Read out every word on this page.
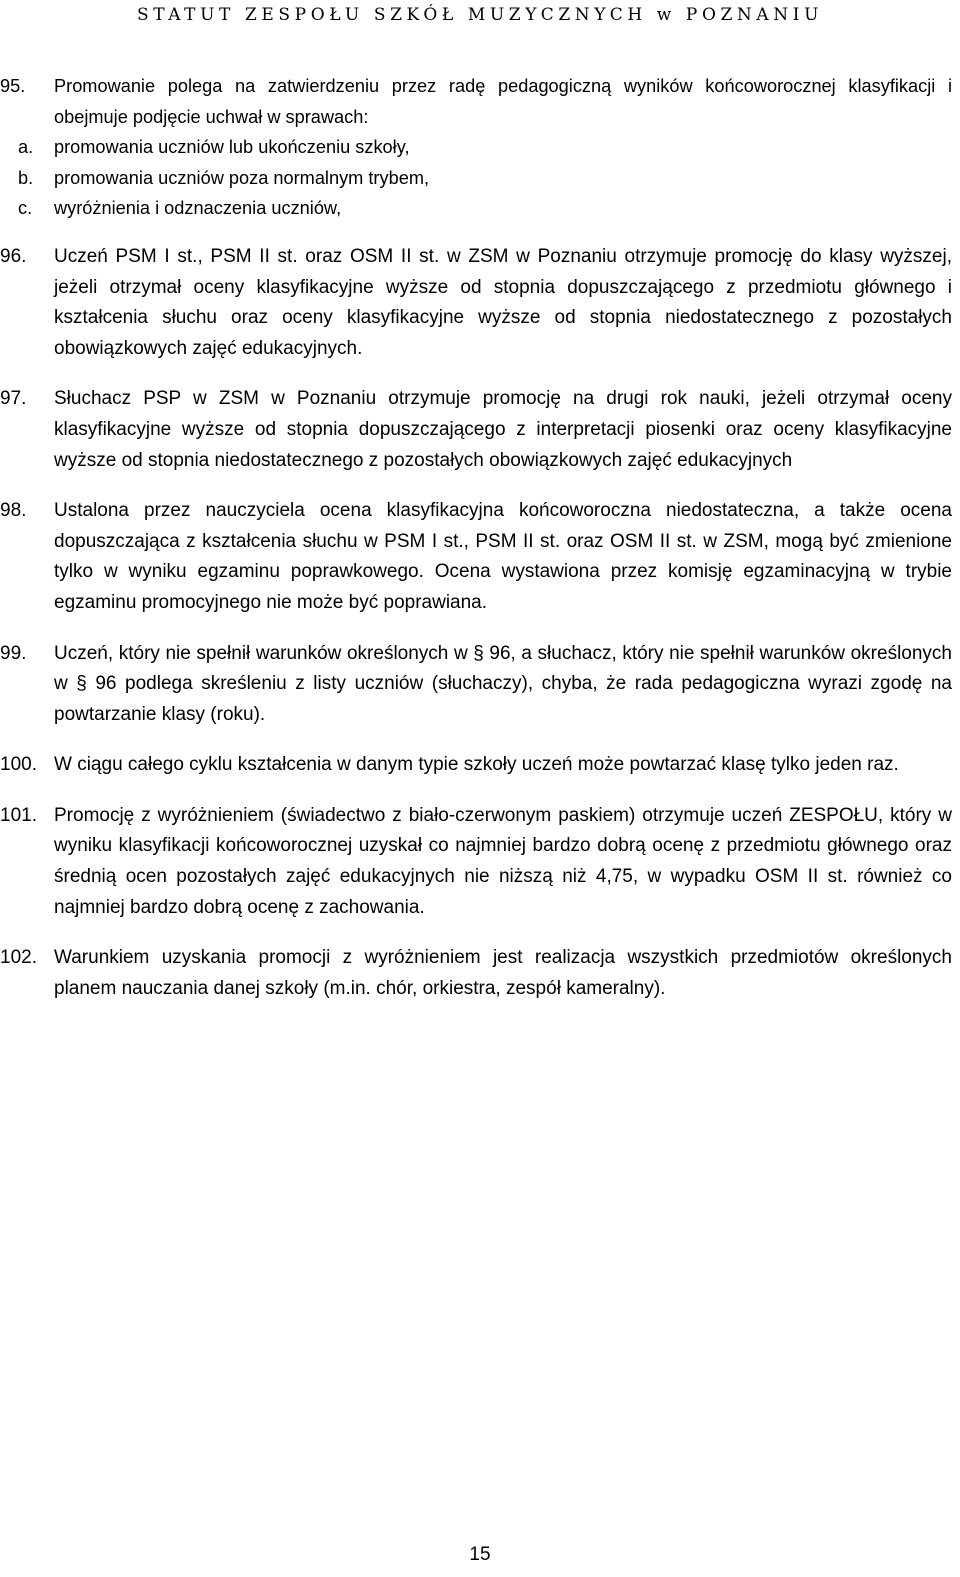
STATUT ZESPOŁU SZKÓŁ MUZYCZNYCH w POZNANIU
95. Promowanie polega na zatwierdzeniu przez radę pedagogiczną wyników końcoworocznej klasyfikacji i obejmuje podjęcie uchwał w sprawach:
a. promowania uczniów lub ukończeniu szkoły,
b. promowania uczniów poza normalnym trybem,
c. wyróżnienia i odznaczenia uczniów,
96. Uczeń PSM I st., PSM II st. oraz OSM II st. w ZSM w Poznaniu otrzymuje promocję do klasy wyższej, jeżeli otrzymał oceny klasyfikacyjne wyższe od stopnia dopuszczającego z przedmiotu głównego i kształcenia słuchu oraz oceny klasyfikacyjne wyższe od stopnia niedostatecznego z pozostałych obowiązkowych zajęć edukacyjnych.
97. Słuchacz PSP w ZSM w Poznaniu otrzymuje promocję na drugi rok nauki, jeżeli otrzymał oceny klasyfikacyjne wyższe od stopnia dopuszczającego z interpretacji piosenki oraz oceny klasyfikacyjne wyższe od stopnia niedostatecznego z pozostałych obowiązkowych zajęć edukacyjnych
98. Ustalona przez nauczyciela ocena klasyfikacyjna końcoworoczna niedostateczna, a także ocena dopuszczająca z kształcenia słuchu w PSM I st., PSM II st. oraz OSM II st. w ZSM, mogą być zmienione tylko w wyniku egzaminu poprawkowego. Ocena wystawiona przez komisję egzaminacyjną w trybie egzaminu promocyjnego nie może być poprawiana.
99. Uczeń, który nie spełnił warunków określonych w § 96, a słuchacz, który nie spełnił warunków określonych w § 96 podlega skreśleniu z listy uczniów (słuchaczy), chyba, że rada pedagogiczna wyrazi zgodę na powtarzanie klasy (roku).
100. W ciągu całego cyklu kształcenia w danym typie szkoły uczeń może powtarzać klasę tylko jeden raz.
101. Promocję z wyróżnieniem (świadectwo z biało-czerwonym paskiem) otrzymuje uczeń ZESPOŁU, który w wyniku klasyfikacji końcoworocznej uzyskał co najmniej bardzo dobrą ocenę z przedmiotu głównego oraz średnią ocen pozostałych zajęć edukacyjnych nie niższą niż 4,75, w wypadku OSM II st. również co najmniej bardzo dobrą ocenę z zachowania.
102. Warunkiem uzyskania promocji z wyróżnieniem jest realizacja wszystkich przedmiotów określonych planem nauczania danej szkoły (m.in. chór, orkiestra, zespół kameralny).
15
